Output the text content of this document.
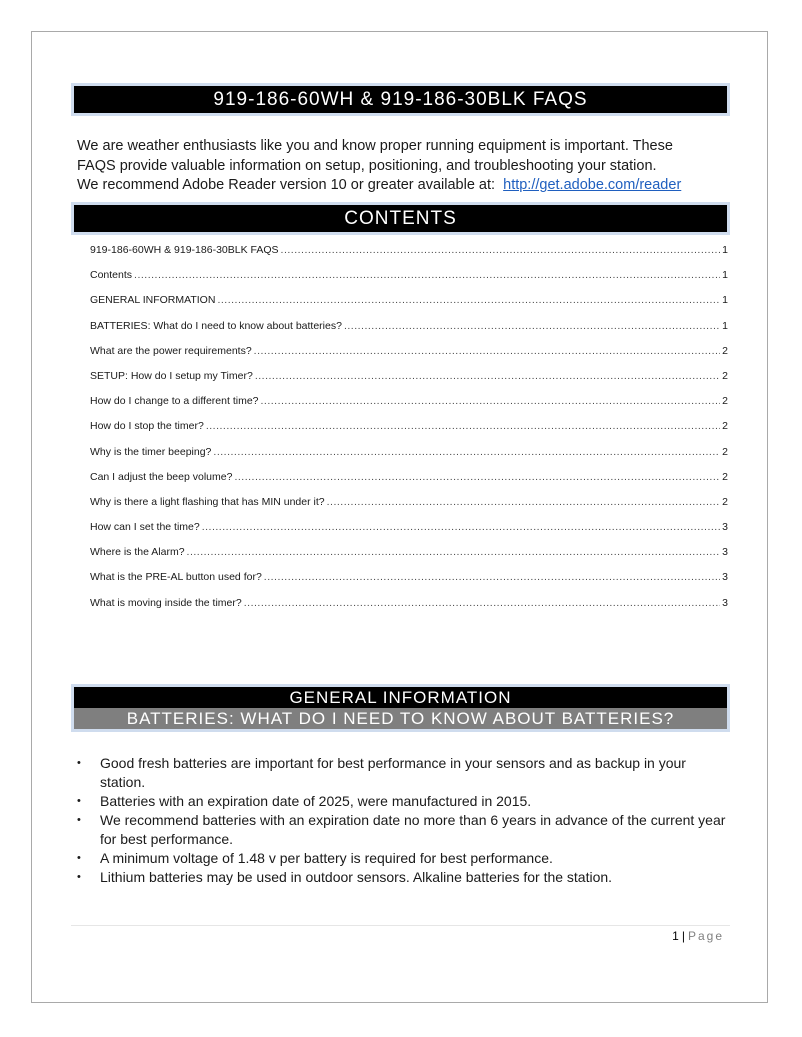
919-186-60WH & 919-186-30BLK FAQS

We are weather enthusiasts like you and know proper running equipment is important. These

FAQS provide valuable information on setup, positioning, and troubleshooting your station.

We recommend Adobe Reader version 10 or greater available at: http://get.adobe.com/reader

CONTENTS
919-186-60WH & 919-186-30BLK FAQS .....	1
Contents .....	1
GENERAL INFORMATION .....	1
BATTERIES: What do I need to know about batteries? .....	1
What are the power requirements? .....	2
SETUP: How do I setup my Timer? .....	2
How do I change to a different time? .....	2
How do I stop the timer? .....	2
Why is the timer beeping? .....	2
Can I adjust the beep volume? .....	2
Why is there a light flashing that has MIN under it? .....	2
How can I set the time? .....	3
Where is the Alarm? .....	3
What is the PRE-AL button used for? .....	3
What is moving inside the timer? .....	3
GENERAL INFORMATION
BATTERIES: WHAT DO I NEED TO KNOW ABOUT BATTERIES?
• Good fresh batteries are important for best performance in your sensors and as backup in your station.
• Batteries with an expiration date of 2025, were manufactured in 2015.
• We recommend batteries with an expiration date no more than 6 years in advance of the current year for best performance.
• A minimum voltage of 1.48 v per battery is required for best performance.
• Lithium batteries may be used in outdoor sensors. Alkaline batteries for the station.
1 | Page
